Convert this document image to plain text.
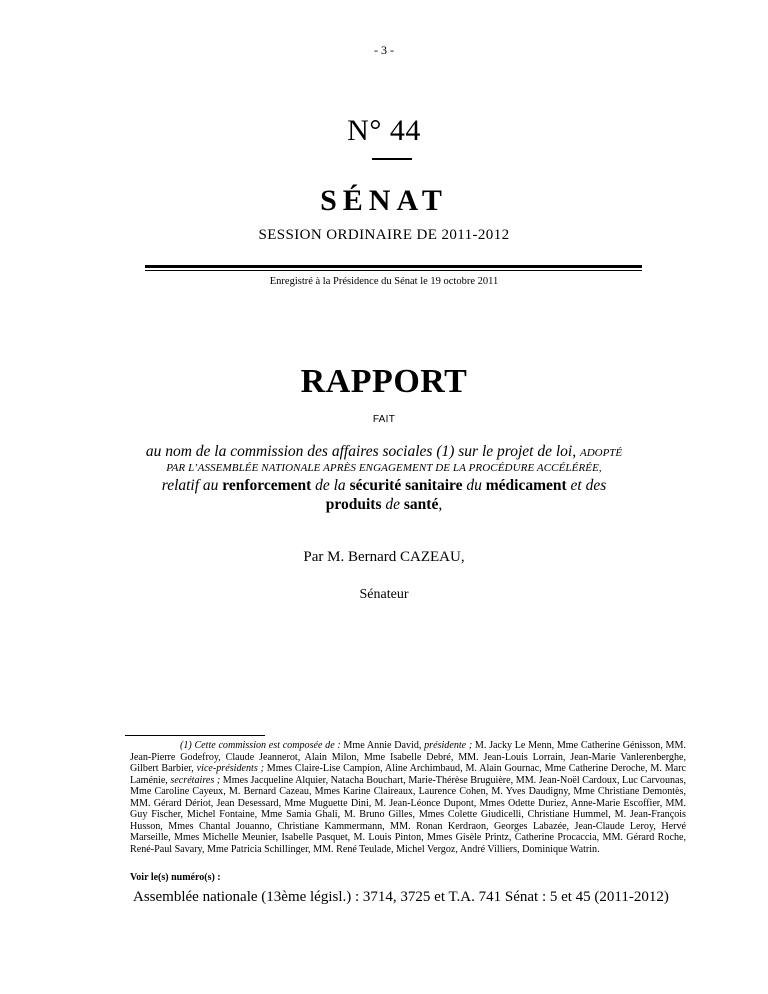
- 3 -
N° 44
SÉNAT
SESSION ORDINAIRE DE 2011-2012
Enregistré à la Présidence du Sénat le 19 octobre 2011
RAPPORT
FAIT
au nom de la commission des affaires sociales (1) sur le projet de loi, ADOPTÉ
PAR L’ASSEMBLÉE NATIONALE APRÈS ENGAGEMENT DE LA PROCÉDURE ACCÉLÉRÉE,
relatif au renforcement de la sécurité sanitaire du médicament et des
produits de santé,
Par M. Bernard CAZEAU,
Sénateur
(1) Cette commission est composée de : Mme Annie David, présidente ; M. Jacky Le Menn, Mme Catherine Génisson, MM. Jean-Pierre Godefroy, Claude Jeannerot, Alain Milon, Mme Isabelle Debré, MM. Jean-Louis Lorrain, Jean-Marie Vanlerenberghe, Gilbert Barbier, vice-présidents ; Mmes Claire-Lise Campion, Aline Archimbaud, M. Alain Gournac, Mme Catherine Deroche, M. Marc Laménie, secrétaires ; Mmes Jacqueline Alquier, Natacha Bouchart, Marie-Thérèse Bruguière, MM. Jean-Noël Cardoux, Luc Carvounas, Mme Caroline Cayeux, M. Bernard Cazeau, Mmes Karine Claireaux, Laurence Cohen, M. Yves Daudigny, Mme Christiane Demontès, MM. Gérard Dériot, Jean Desessard, Mme Muguette Dini, M. Jean-Léonce Dupont, Mmes Odette Duriez, Anne-Marie Escoffier, MM. Guy Fischer, Michel Fontaine, Mme Samia Ghali, M. Bruno Gilles, Mmes Colette Giudicelli, Christiane Hummel, M. Jean-François Husson, Mmes Chantal Jouanno, Christiane Kammermann, MM. Ronan Kerdraon, Georges Labazée, Jean-Claude Leroy, Hervé Marseille, Mmes Michelle Meunier, Isabelle Pasquet, M. Louis Pinton, Mmes Gisèle Printz, Catherine Procaccia, MM. Gérard Roche, René-Paul Savary, Mme Patricia Schillinger, MM. René Teulade, Michel Vergoz, André Villiers, Dominique Watrin.
Voir le(s) numéro(s) :
Assemblée nationale (13ème législ.) : 3714, 3725 et T.A. 741 Sénat : 5 et 45 (2011-2012)
